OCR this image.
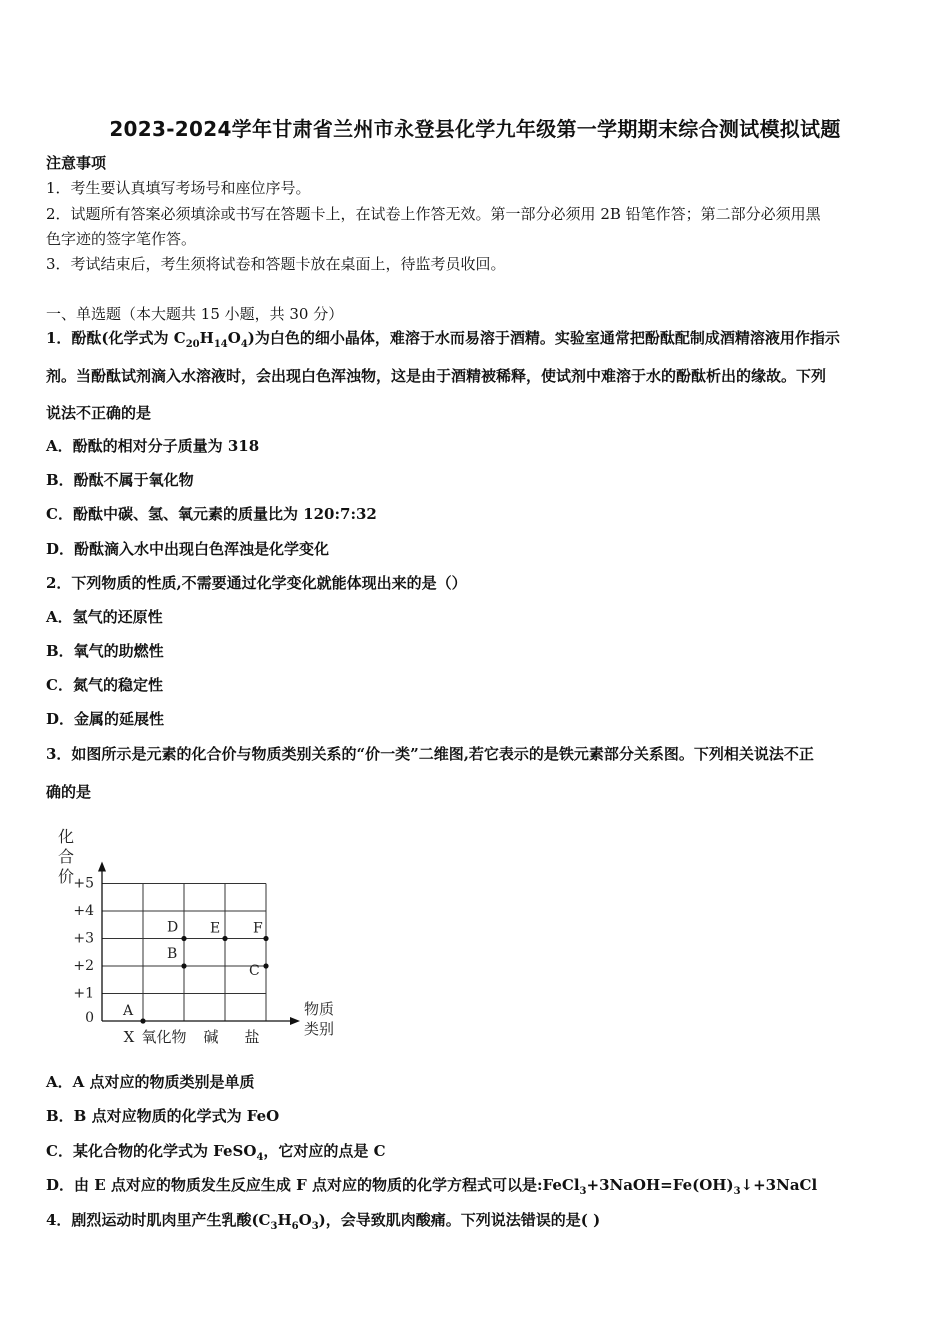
2023-2024学年甘肃省兰州市永登县化学九年级第一学期期末综合测试模拟试题
注意事项
1．考生要认真填写考场号和座位序号。
2．试题所有答案必须填涂或书写在答题卡上，在试卷上作答无效。第一部分必须用 2B 铅笔作答；第二部分必须用黑
色字迹的签字笔作答。
3．考试结束后，考生须将试卷和答题卡放在桌面上，待监考员收回。
一、单选题（本大题共 15 小题，共 30 分）
1．酚酞(化学式为 $C_{20}H_{14}O_4$)为白色的细小晶体，难溶于水而易溶于酒精。实验室通常把酚酞配制成酒精溶液用作指示
剂。当酚酞试剂滴入水溶液时，会出现白色浑浊物，这是由于酒精被稀释，使试剂中难溶于水的酚酞析出的缘故。下列
说法不正确的是
A．酚酞的相对分子质量为 318
B．酚酞不属于氧化物
C．酚酞中碳、氢、氧元素的质量比为 120:7:32
D．酚酞滴入水中出现白色浑浊是化学变化
2．下列物质的性质,不需要通过化学变化就能体现出来的是（）
A．氢气的还原性
B．氧气的助燃性
C．氮气的稳定性
D．金属的延展性
3．如图所示是元素的化合价与物质类别关系的“价一类”二维图,若它表示的是铁元素部分关系图。下列相关说法不正
确的是
+5
+4
+3
+2
+1
0
X 氧化物 碱 盐
A
B
D E F
C
化合价
物质类别
A．A 点对应的物质类别是单质
B．B 点对应物质的化学式为 FeO
C．某化合物的化学式为 FeSO$_4$，它对应的点是 C
D．由 E 点对应的物质发生反应生成 F 点对应的物质的化学方程式可以是$:FeCl_3+3NaOH=Fe(OH)_3↓+3NaCl$
4．剧烈运动时肌肉里产生乳酸$(C_3H_6O_3)$，会导致肌肉酸痛。下列说法错误的是( )
